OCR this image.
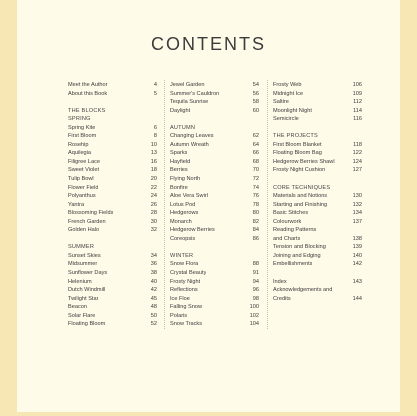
CONTENTS
Meet the Author	4
About this Book	5
THE BLOCKS
SPRING
Spring Kite	6
First Bloom	8
Rosehip	10
Aquilegia	13
Filigree Lace	16
Sweet Violet	18
Tulip Bowl	20
Flower Field	22
Polyanthus	24
Yantra	26
Blossoming Fields	28
French Garden	30
Golden Halo	32
SUMMER
Sunset Skies	34
Midsummer	36
Sunflower Days	38
Helenium	40
Dutch Windmill	42
Twilight Star	45
Beacon	48
Solar Flare	50
Floating Bloom	52
Jewel Garden	54
Summer's Cauldron	56
Tequila Sunrise	58
Daylight	60
AUTUMN
Changing Leaves	62
Autumn Wreath	64
Sparks	66
Hayfield	68
Berries	70
Flying North	72
Bonfire	74
Aloe Vera Swirl	76
Lotus Pod	78
Hedgerows	80
Monarch	82
Hedgerow Berries	84
Coreopsis	86
WINTER
Snow Flora	88
Crystal Beauty	91
Frosty Night	94
Reflections	96
Ice Floe	98
Falling Snow	100
Polaris	102
Snow Tracks	104
Frosty Web	106
Midnight Ice	109
Saltire	112
Moonlight Night	114
Semicircle	116
THE PROJECTS
First Bloom Blanket	118
Floating Bloom Bag	122
Hedgerow Berries Shawl	124
Frosty Night Cushion	127
CORE TECHNIQUES
Materials and Notions	130
Starting and Finishing	132
Basic Stitches	134
Colourwork	137
Reading Patterns
and Charts	138
Tension and Blocking	139
Joining and Edging	140
Embellishments	142
Index	143
Acknowledgements and
Credits	144
